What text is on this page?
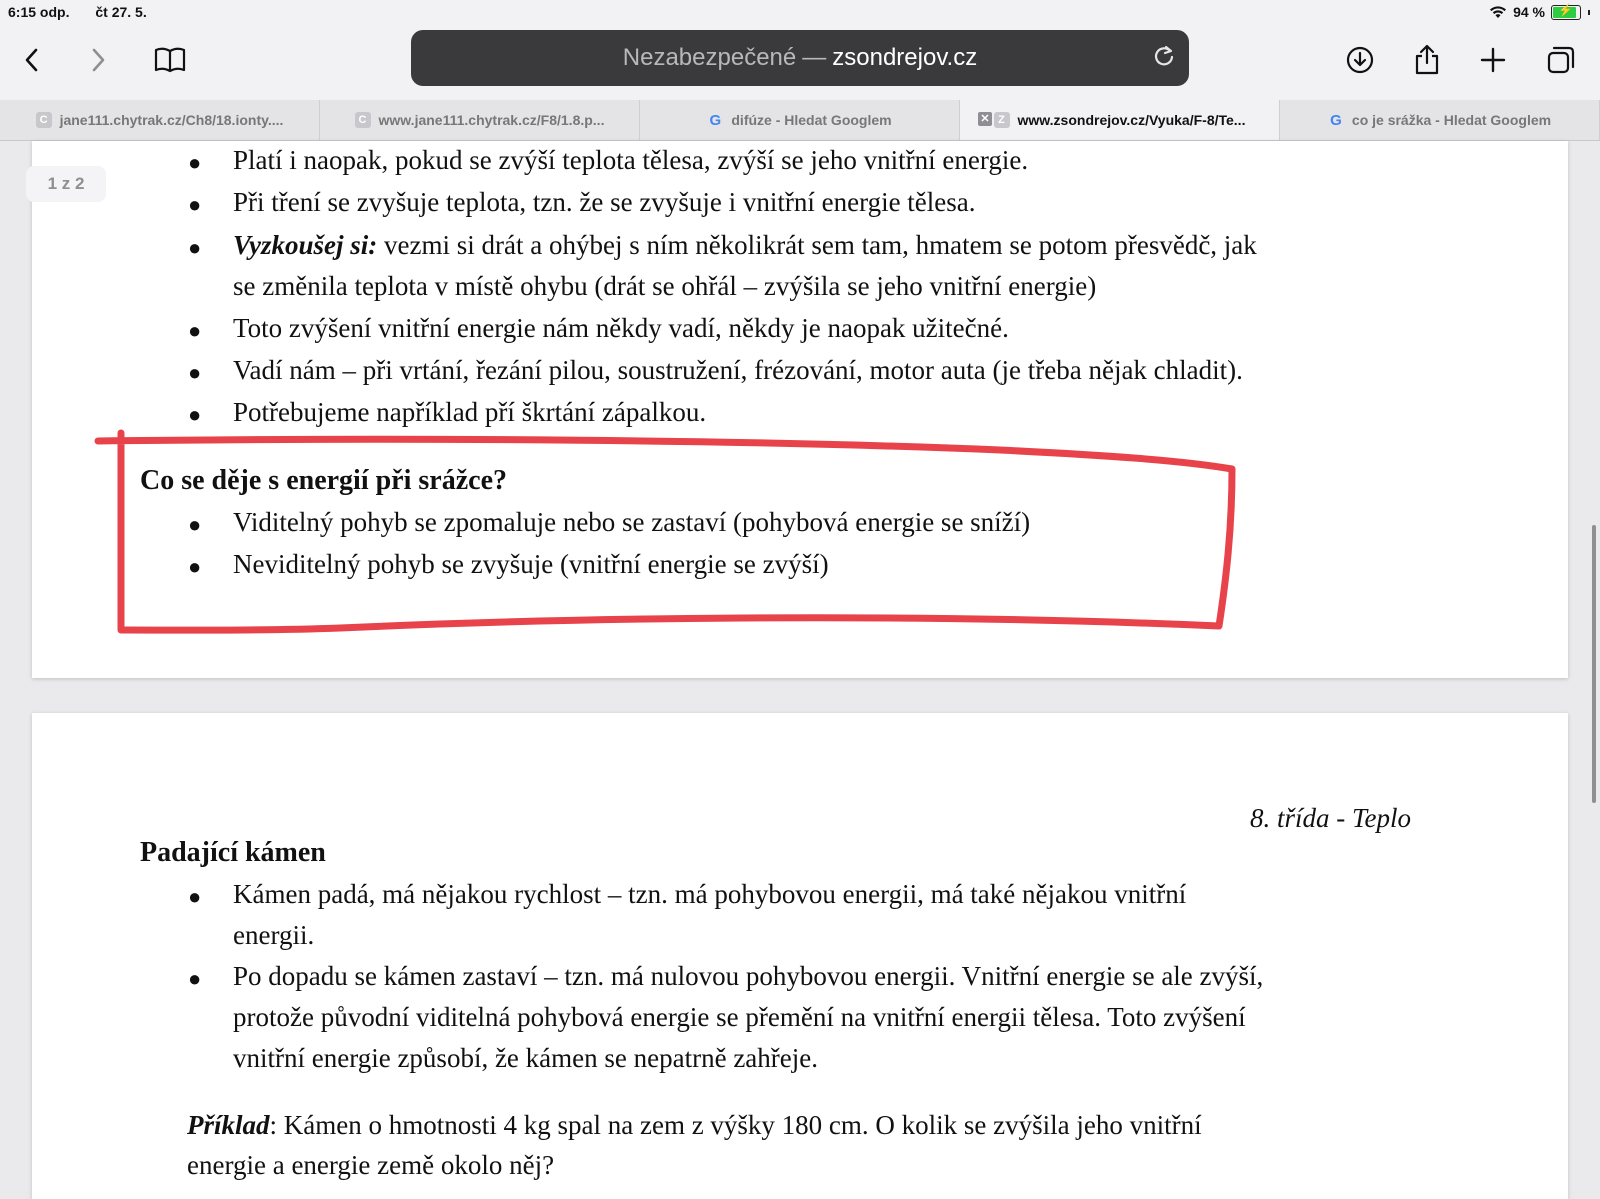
6:15 odp. čt 27. 5.	94 %
⚡
Nezabezpečené — zsondrejov.cz
C jane111.chytrak.cz/Ch8/18.ionty....	C www.jane111.chytrak.cz/F8/1.8.p...	G difúze - Hledat Googlem	✕ Z www.zsondrejov.cz/Vyuka/F-8/Te...	G co je srážka - Hledat Googlem
● Platí i naopak, pokud se zvýší teplota tělesa, zvýší se jeho vnitřní energie.
● Při tření se zvyšuje teplota, tzn. že se zvyšuje i vnitřní energie tělesa.
● Vyzkoušej si: vezmi si drát a ohýbej s ním několikrát sem tam, hmatem se potom přesvědč, jak
se změnila teplota v místě ohybu (drát se ohřál – zvýšila se jeho vnitřní energie)
● Toto zvýšení vnitřní energie nám někdy vadí, někdy je naopak užitečné.
● Vadí nám – při vrtání, řezání pilou, soustružení, frézování, motor auta (je třeba nějak chladit).
● Potřebujeme například pří škrtání zápalkou.
Co se děje s energií při srážce?
● Viditelný pohyb se zpomaluje nebo se zastaví (pohybová energie se sníží)
● Neviditelný pohyb se zvyšuje (vnitřní energie se zvýší)
1 z 2
8. třída - Teplo
Padající kámen
● Kámen padá, má nějakou rychlost – tzn. má pohybovou energii, má také nějakou vnitřní
energii.
● Po dopadu se kámen zastaví – tzn. má nulovou pohybovou energii. Vnitřní energie se ale zvýší,
protože původní viditelná pohybová energie se přemění na vnitřní energii tělesa. Toto zvýšení
vnitřní energie způsobí, že kámen se nepatrně zahřeje.
Příklad: Kámen o hmotnosti 4 kg spal na zem z výšky 180 cm. O kolik se zvýšila jeho vnitřní
energie a energie země okolo něj?
